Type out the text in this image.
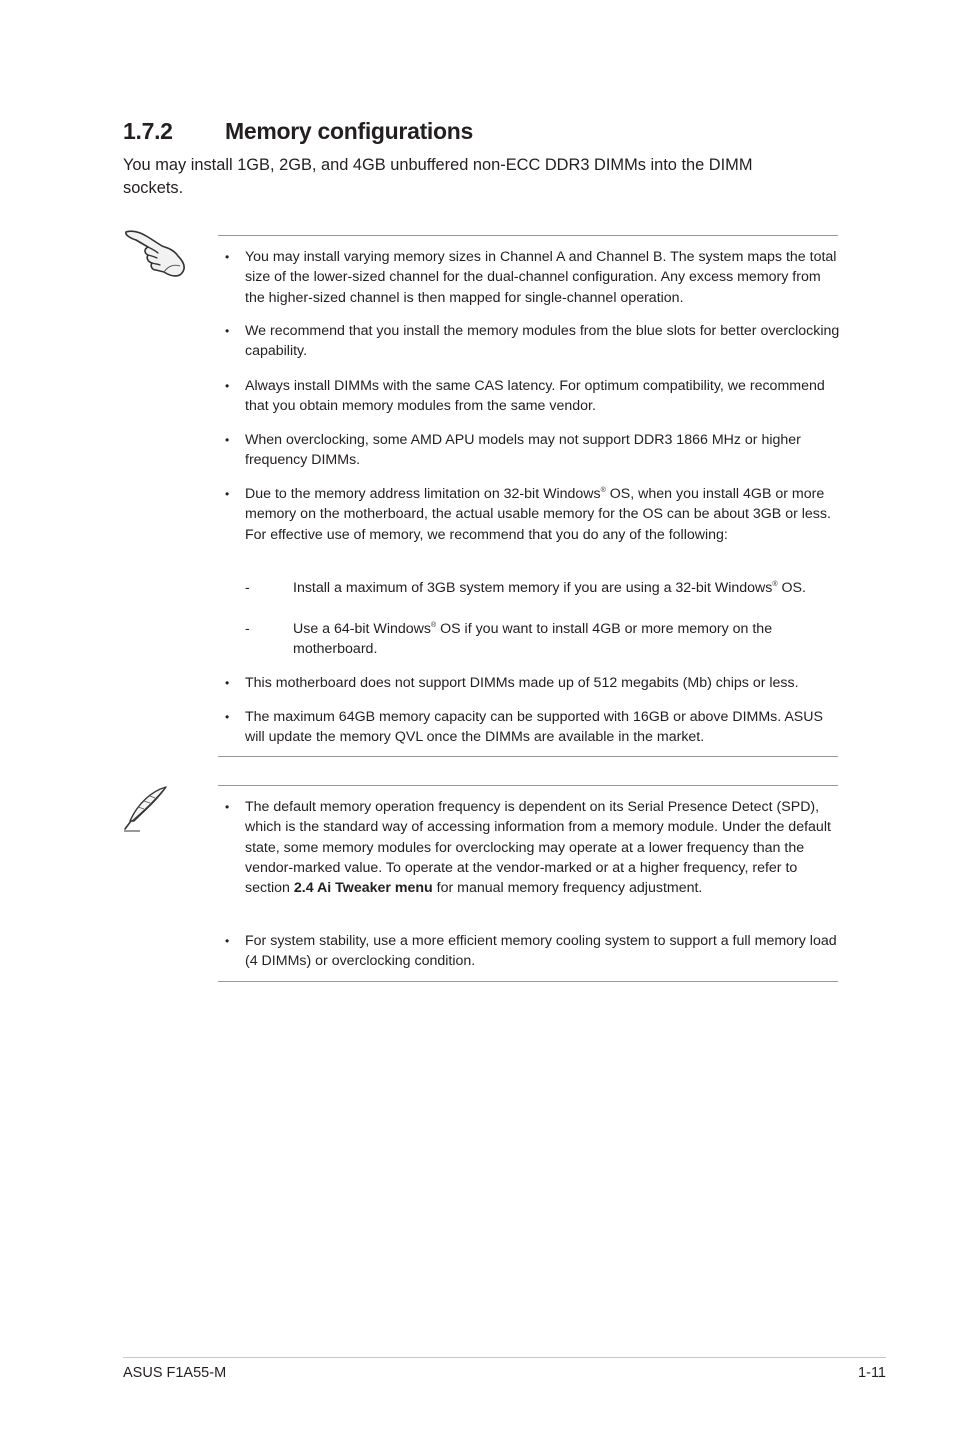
1.7.2 Memory configurations

You may install 1GB, 2GB, and 4GB unbuffered non-ECC DDR3 DIMMs into the DIMM sockets.

• You may install varying memory sizes in Channel A and Channel B. The system maps the total size of the lower-sized channel for the dual-channel configuration. Any excess memory from the higher-sized channel is then mapped for single-channel operation.
• We recommend that you install the memory modules from the blue slots for better overclocking capability.
• Always install DIMMs with the same CAS latency. For optimum compatibility, we recommend that you obtain memory modules from the same vendor.
• When overclocking, some AMD APU models may not support DDR3 1866 MHz or higher frequency DIMMs.
• Due to the memory address limitation on 32-bit Windows® OS, when you install 4GB or more memory on the motherboard, the actual usable memory for the OS can be about 3GB or less. For effective use of memory, we recommend that you do any of the following:
-	Install a maximum of 3GB system memory if you are using a 32-bit Windows® OS.
-	Use a 64-bit Windows® OS if you want to install 4GB or more memory on the motherboard.
• This motherboard does not support DIMMs made up of 512 megabits (Mb) chips or less.
• The maximum 64GB memory capacity can be supported with 16GB or above DIMMs. ASUS will update the memory QVL once the DIMMs are available in the market.
• The default memory operation frequency is dependent on its Serial Presence Detect (SPD), which is the standard way of accessing information from a memory module. Under the default state, some memory modules for overclocking may operate at a lower frequency than the vendor-marked value. To operate at the vendor-marked or at a higher frequency, refer to section 2.4 Ai Tweaker menu for manual memory frequency adjustment.
• For system stability, use a more efficient memory cooling system to support a full memory load (4 DIMMs) or overclocking condition.
ASUS F1A55-M	1-11
